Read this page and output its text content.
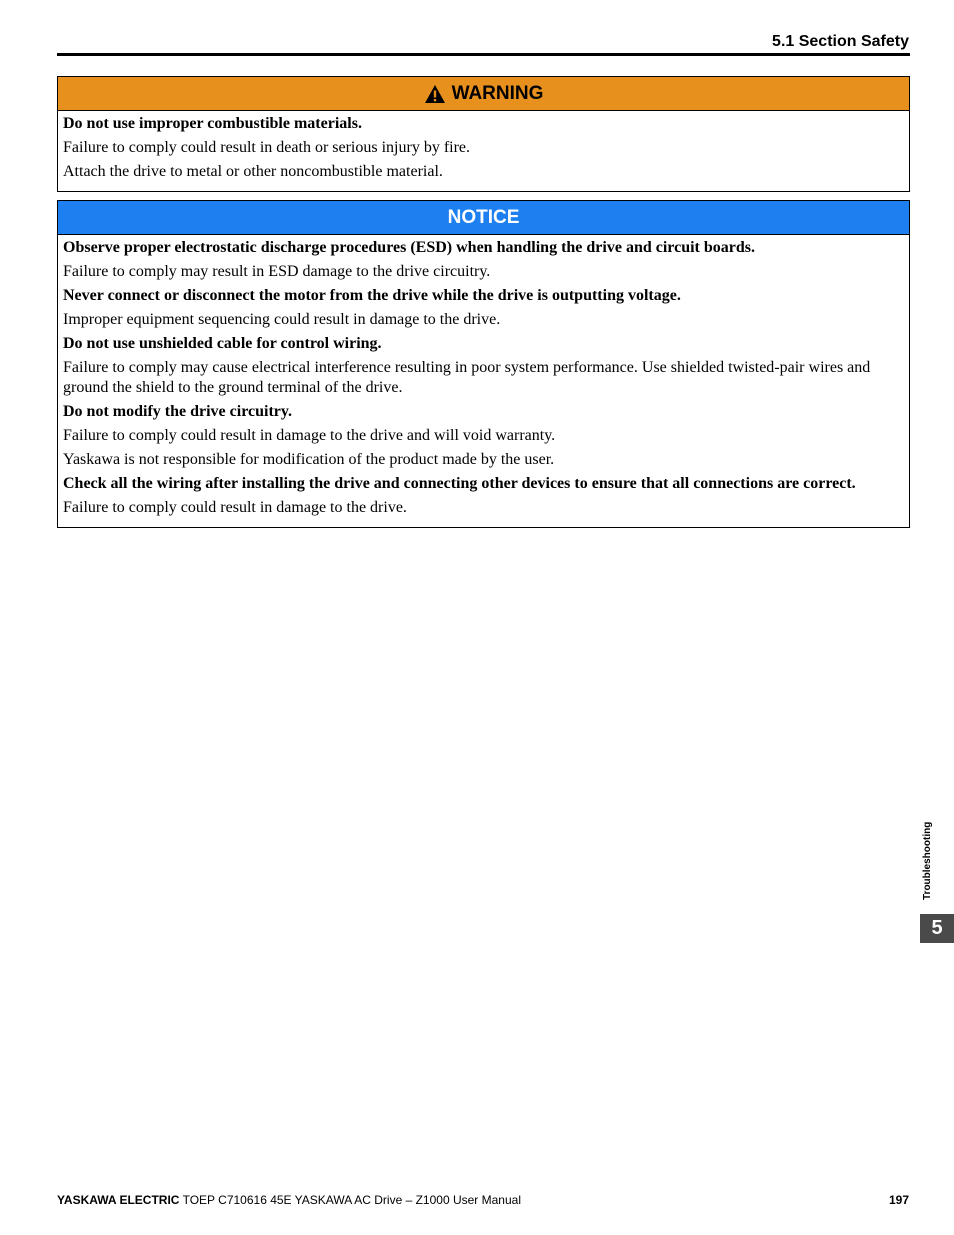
5.1 Section Safety
WARNING

Do not use improper combustible materials.

Failure to comply could result in death or serious injury by fire.

Attach the drive to metal or other noncombustible material.

NOTICE

Observe proper electrostatic discharge procedures (ESD) when handling the drive and circuit boards.

Failure to comply may result in ESD damage to the drive circuitry.

Never connect or disconnect the motor from the drive while the drive is outputting voltage.

Improper equipment sequencing could result in damage to the drive.

Do not use unshielded cable for control wiring.

Failure to comply may cause electrical interference resulting in poor system performance. Use shielded twisted-pair wires and ground the shield to the ground terminal of the drive.

Do not modify the drive circuitry.

Failure to comply could result in damage to the drive and will void warranty.

Yaskawa is not responsible for modification of the product made by the user.

Check all the wiring after installing the drive and connecting other devices to ensure that all connections are correct.

Failure to comply could result in damage to the drive.

Troubleshooting
5
YASKAWA ELECTRIC TOEP C710616 45E YASKAWA AC Drive – Z1000 User Manual	197
